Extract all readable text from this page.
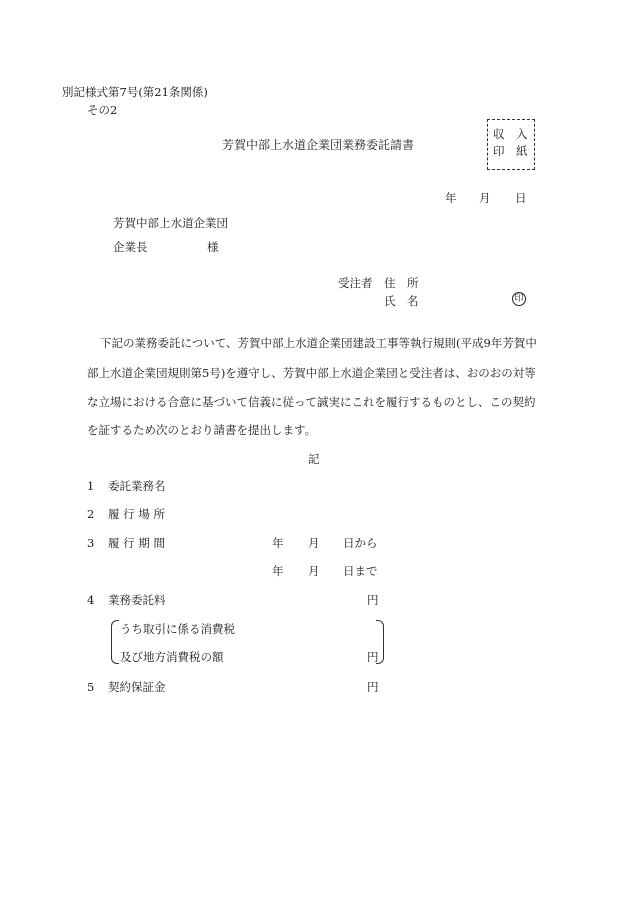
別記様式第7号(第21条関係)
その2
芳賀中部上水道企業団業務委託請書
収　入
印　紙
年 月 日
芳賀中部上水道企業団
企業長	様
受注者 住　所
氏　名	印
下記の業務委託について、芳賀中部上水道企業団建設工事等執行規則(平成9年芳賀中
部上水道企業団規則第5号)を遵守し、芳賀中部上水道企業団と受注者は、おのおの対等
な立場における合意に基づいて信義に従って誠実にこれを履行するものとし、この契約
を証するため次のとおり請書を提出します。
記
1 委託業務名
2 履 行 場 所
3 履 行 期 間	年 月 日から
年 月 日まで
4 業務委託料	円
うち取引に係る消費税
及び地方消費税の額	円
5 契約保証金	円
